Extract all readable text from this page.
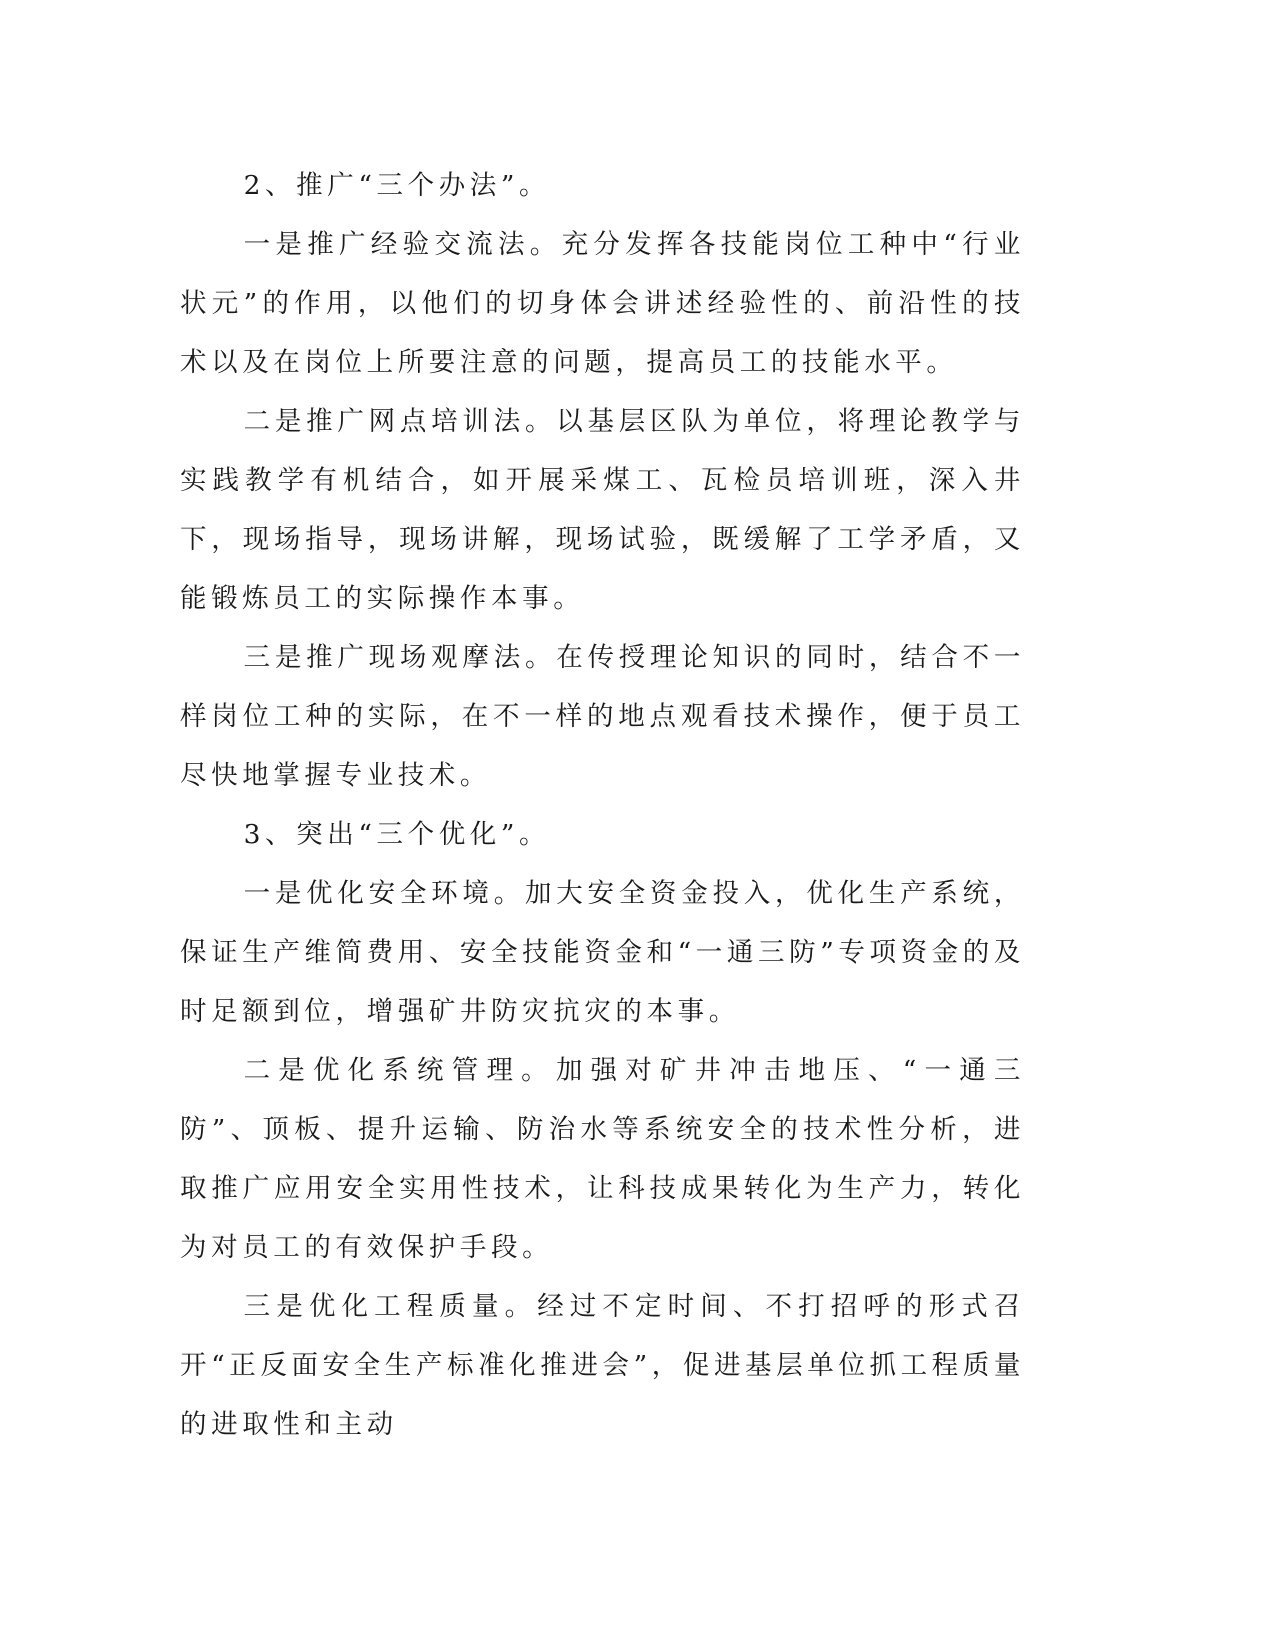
2、推广“三个办法”。

一是推广经验交流法。充分发挥各技能岗位工种中“行业状元”的作用，以他们的切身体会讲述经验性的、前沿性的技术以及在岗位上所要注意的问题，提高员工的技能水平。

二是推广网点培训法。以基层区队为单位，将理论教学与实践教学有机结合，如开展采煤工、瓦检员培训班，深入井下，现场指导，现场讲解，现场试验，既缓解了工学矛盾，又能锻炼员工的实际操作本事。

三是推广现场观摩法。在传授理论知识的同时，结合不一样岗位工种的实际，在不一样的地点观看技术操作，便于员工尽快地掌握专业技术。

3、突出“三个优化”。

一是优化安全环境。加大安全资金投入，优化生产系统，保证生产维简费用、安全技能资金和“一通三防”专项资金的及时足额到位，增强矿井防灾抗灾的本事。

二是优化系统管理。加强对矿井冲击地压、“一通三防”、顶板、提升运输、防治水等系统安全的技术性分析，进取推广应用安全实用性技术，让科技成果转化为生产力，转化为对员工的有效保护手段。

三是优化工程质量。经过不定时间、不打招呼的形式召开“正反面安全生产标准化推进会”，促进基层单位抓工程质量的进取性和主动
